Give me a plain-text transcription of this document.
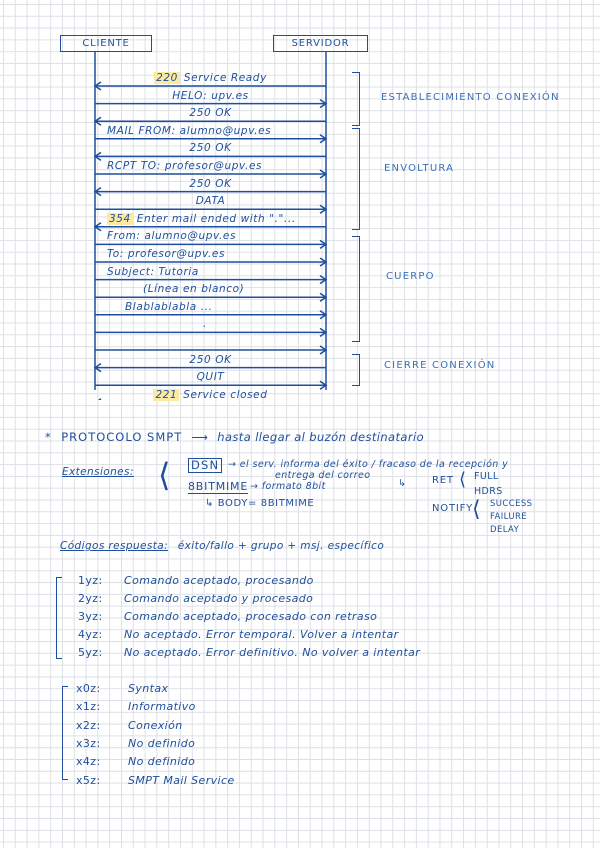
CLIENTE	SERVIDOR
220 Service Ready
HELO: upv.es
250 OK
MAIL FROM: alumno@upv.es
250 OK
RCPT TO: profesor@upv.es
250 OK
DATA
354 Enter mail ended with "."...
From: alumno@upv.es
To: profesor@upv.es
Subject: Tutoria
(Línea en blanco)
Blablablabla ...
.
250 OK
QUIT
221 Service closed
ESTABLECIMIENTO CONEXIÓN
ENVOLTURA
CUERPO
CIERRE CONEXIÓN
* PROTOCOLO SMPT ⟶ hasta llegar al buzón destinatario
Extensiones: ⟨ DSN → el serv. informa del éxito / fracaso de la recepción y
entrega del correo
8BITMIME → formato 8bit
↳ BODY= 8BITMIME
↳	RET ⟨ FULL
HDRS
NOTIFY
⟨ SUCCESS
FAILURE
DELAY
Códigos respuesta: éxito/fallo + grupo + msj. específico
1yz: Comando aceptado, procesando
2yz: Comando aceptado y procesado
3yz: Comando aceptado, procesado con retraso
4yz: No aceptado. Error temporal. Volver a intentar
5yz: No aceptado. Error definitivo. No volver a intentar
x0z: Syntax
x1z: Informativo
x2z: Conexión
x3z: No definido
x4z: No definido
x5z: SMPT Mail Service
